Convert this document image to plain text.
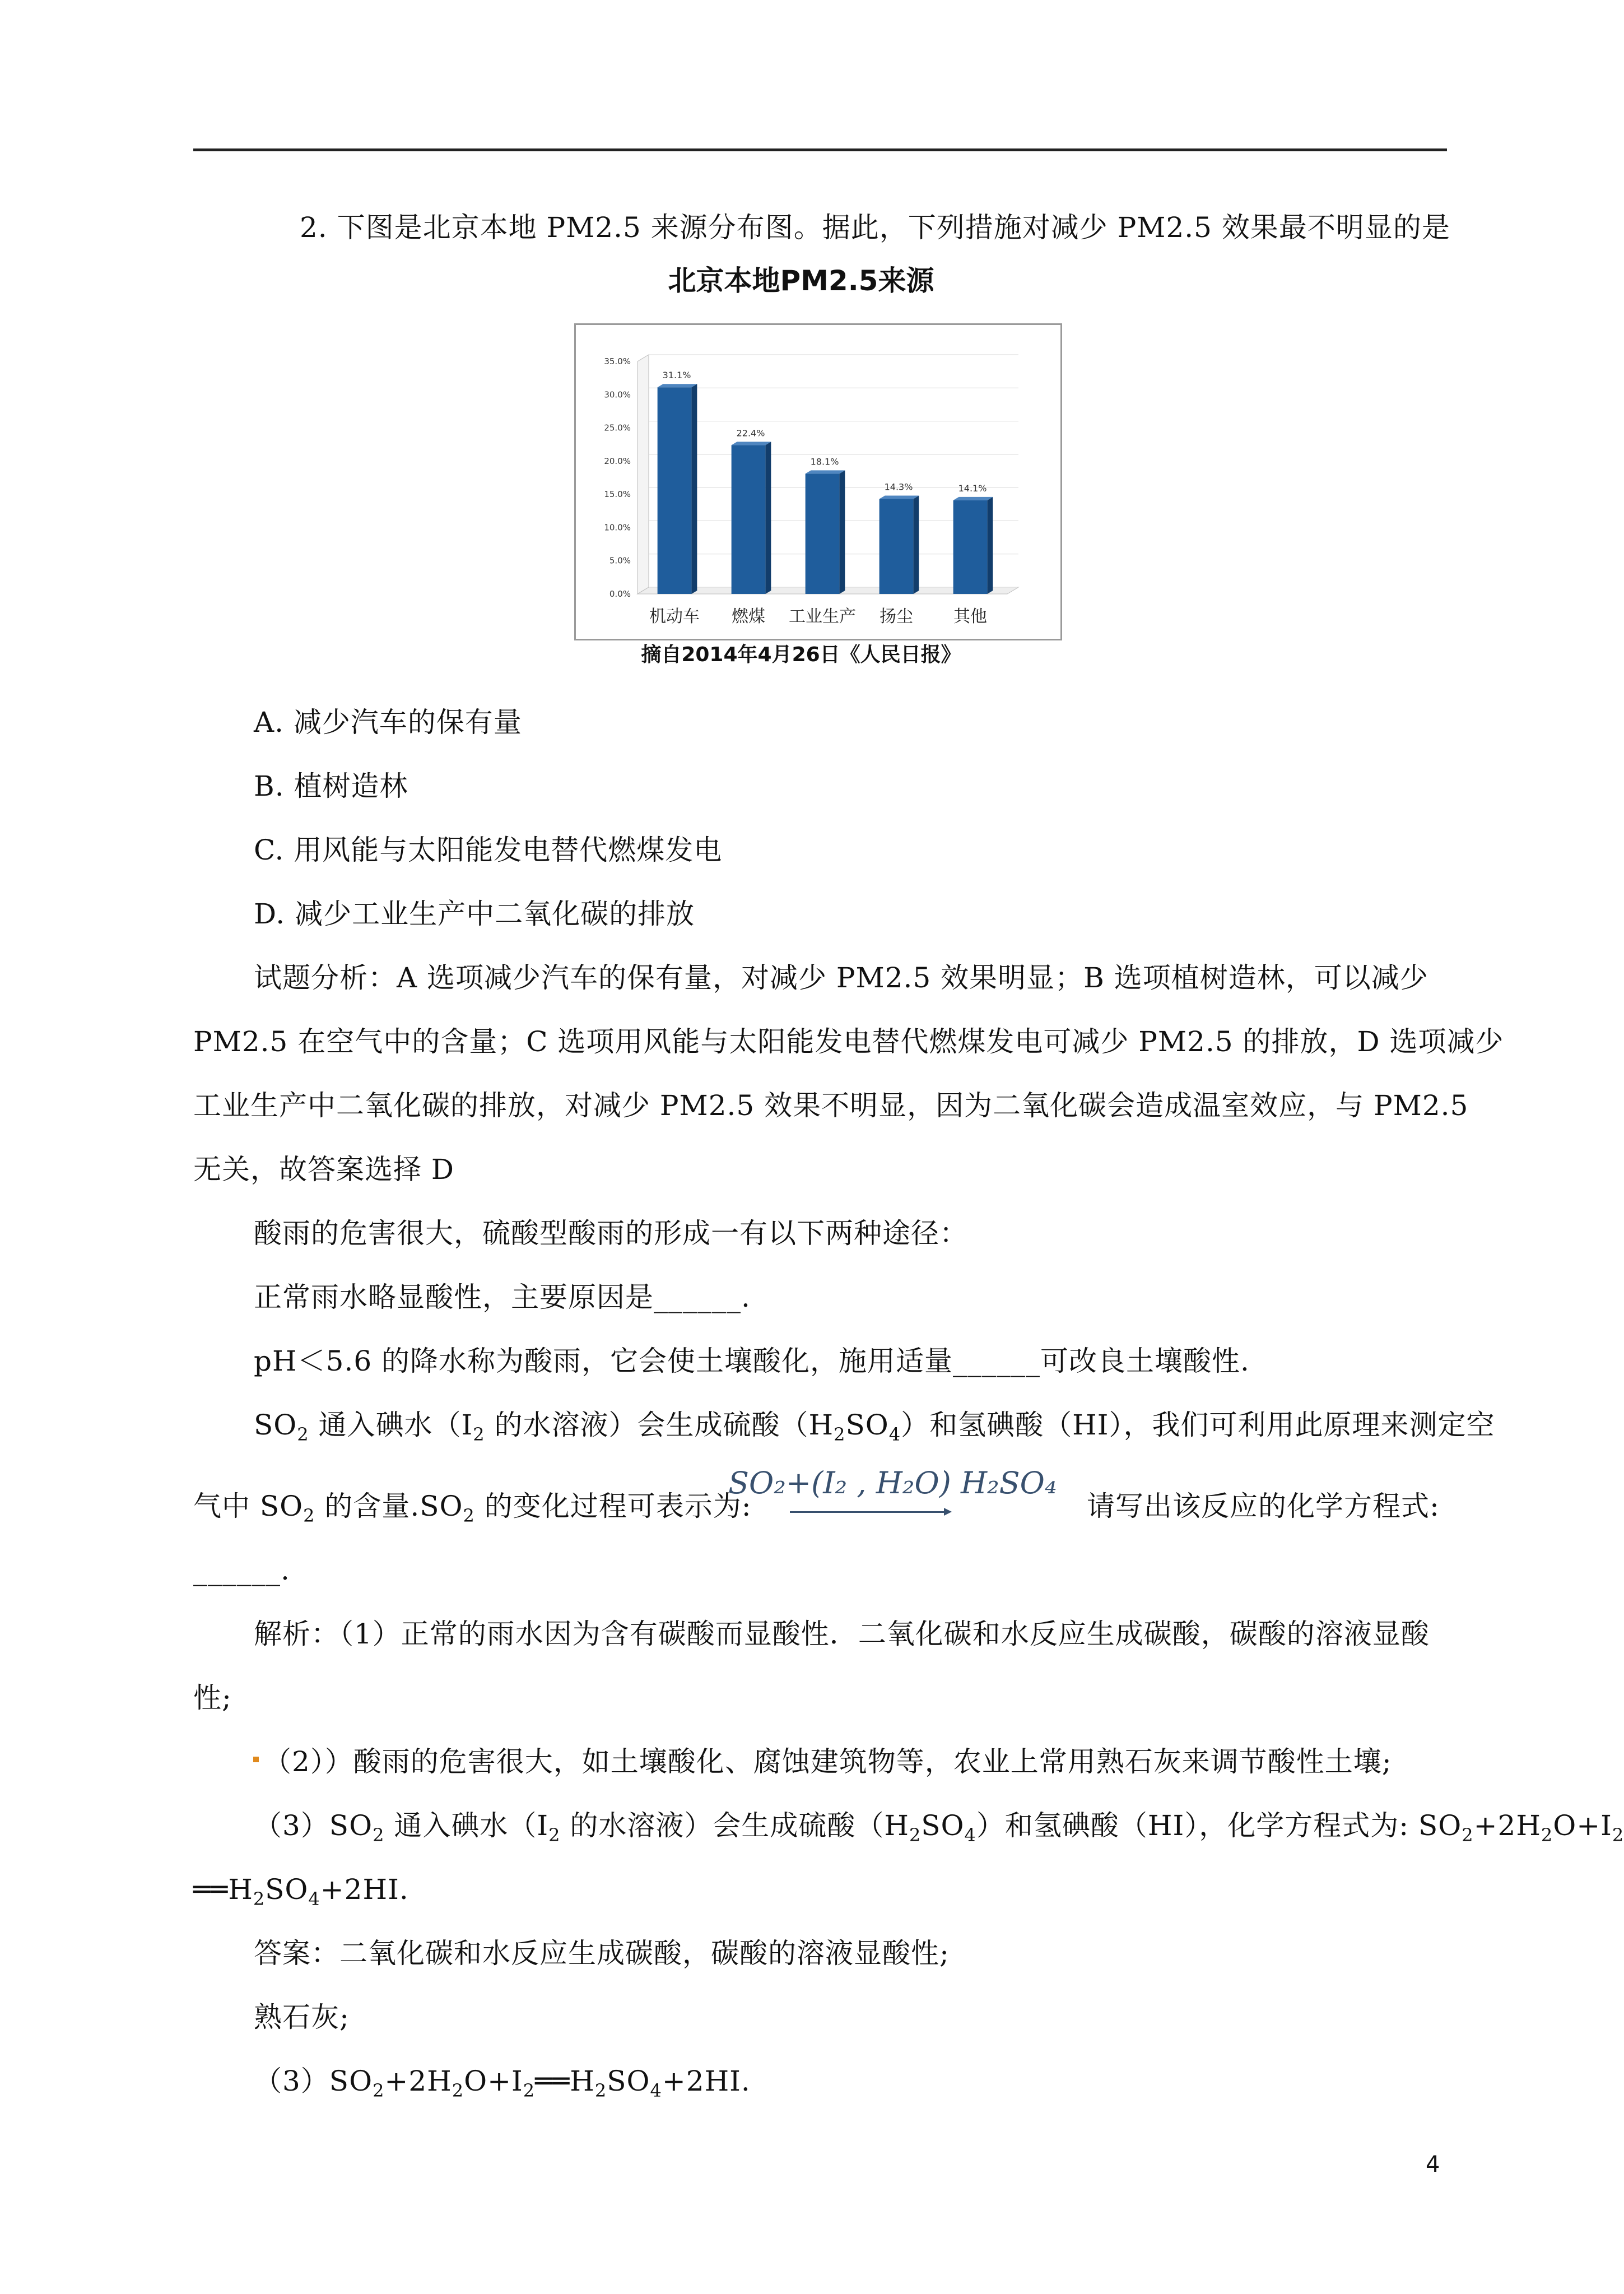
2. 下图是北京本地 PM2.5 来源分布图。据此，下列措施对减少 PM2.5 效果最不明显的是
北京本地PM2.5来源
0.0%
5.0%
10.0%
15.0%
20.0%
25.0%
30.0%
35.0%
31.1%
机动车
22.4%
燃煤
18.1%
工业生产
14.3%
扬尘
14.1%
其他
摘自2014年4月26日《人民日报》
A. 减少汽车的保有量
B. 植树造林
C. 用风能与太阳能发电替代燃煤发电
D. 减少工业生产中二氧化碳的排放
试题分析：A 选项减少汽车的保有量，对减少 PM2.5 效果明显；B 选项植树造林，可以减少
PM2.5 在空气中的含量；C 选项用风能与太阳能发电替代燃煤发电可减少 PM2.5 的排放，D 选项减少
工业生产中二氧化碳的排放，对减少 PM2.5 效果不明显，因为二氧化碳会造成温室效应，与 PM2.5
无关，故答案选择 D
酸雨的危害很大，硫酸型酸雨的形成一有以下两种途径：
正常雨水略显酸性，主要原因是______.
pH＜5.6 的降水称为酸雨，它会使土壤酸化，施用适量______可改良土壤酸性.
$SO_2$ 通入碘水（$I_2$ 的水溶液）会生成硫酸$(H_2SO_4)$和氢碘酸（HI），我们可利用此原理来测定空
气中 $SO_2$ 的含量$.SO_2$ 的变化过程可表示为:
SO₂+(I₂ , H₂O) H₂SO₄
请写出该反应的化学方程式:
______.
解析：（1）正常的雨水因为含有碳酸而显酸性．二氧化碳和水反应生成碳酸，碳酸的溶液显酸
性;
（2））酸雨的危害很大，如土壤酸化、腐蚀建筑物等，农业上常用熟石灰来调节酸性土壤;
$(3)SO_2$ 通入碘水（$I_2$ 的水溶液）会生成硫酸$(H_2SO_4)$和氢碘酸（HI），化学方程式为: $SO_2+2H_2O+I_2$
$══H_2SO_4+2HI$.
答案：二氧化碳和水反应生成碳酸，碳酸的溶液显酸性;
熟石灰;
$(3)SO_2+2H_2O+I_2══H_2SO_4+2HI$.
4
